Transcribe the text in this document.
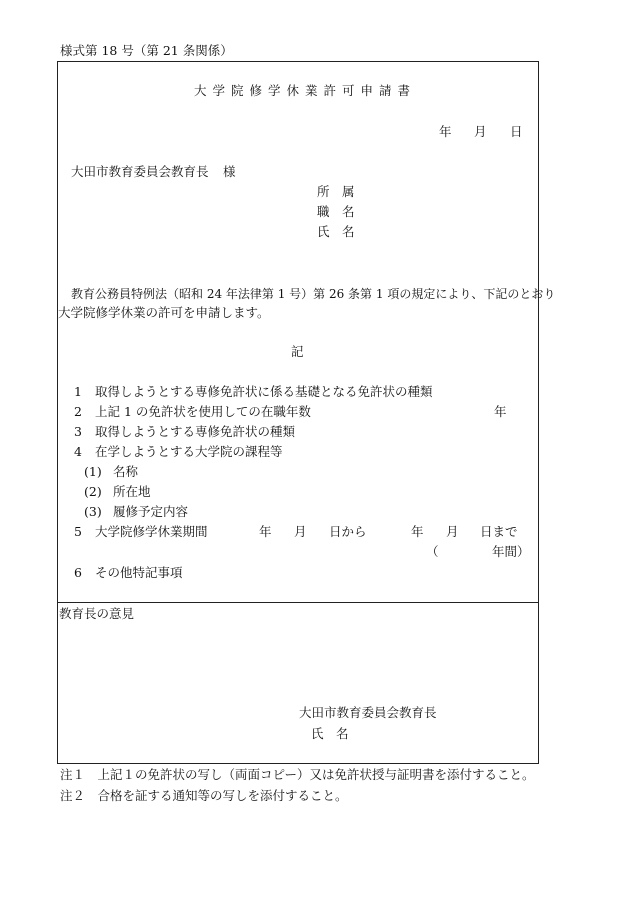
様式第 18 号（第 21 条関係）
大学院修学休業許可申請書
年 月 日
大田市教育委員会教育長 様
所　属
職　名
氏　名
教育公務員特例法（昭和 24 年法律第 1 号）第 26 条第 1 項の規定により、下記のとおり
大学院修学休業の許可を申請します。
記
1 取得しようとする専修免許状に係る基礎となる免許状の種類
2 上記 1 の免許状を使用しての在職年数	年
3 取得しようとする専修免許状の種類
4 在学しようとする大学院の課程等
(1) 名称
(2) 所在地
(3) 履修予定内容
5 大学院修学休業期間	年 月 日から	年 月 日まで
（	年間）
6 その他特記事項
教育長の意見
大田市教育委員会教育長
氏　名
注１　上記１の免許状の写し（両面コピー）又は免許状授与証明書を添付すること。
注２　合格を証する通知等の写しを添付すること。
